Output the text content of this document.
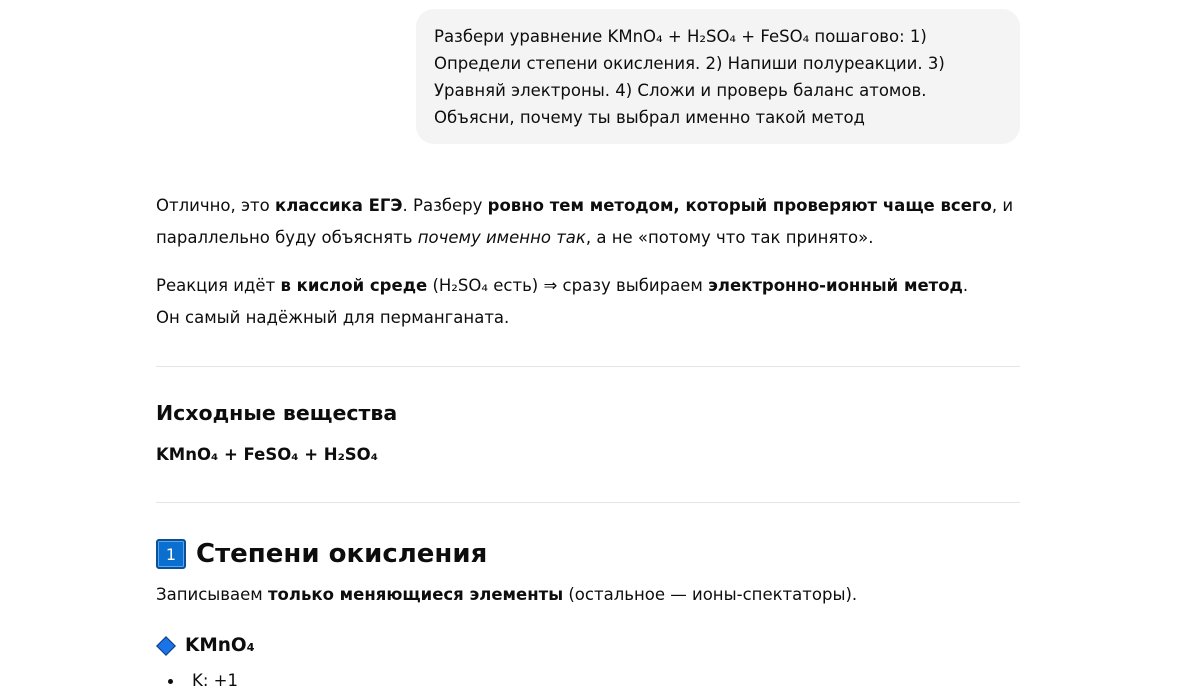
Разбери уравнение KMnO₄ + H₂SO₄ + FeSO₄ пошагово: 1) Определи степени окисления. 2) Напиши полуреакции. 3) Уравняй электроны. 4) Сложи и проверь баланс атомов. Объясни, почему ты выбрал именно такой метод

Отлично, это классика ЕГЭ. Разберу ровно тем методом, который проверяют чаще всего, и параллельно буду объяснять почему именно так, а не «потому что так принято».

Реакция идёт в кислой среде (H₂SO₄ есть) ⇒ сразу выбираем электронно-ионный метод.
Он самый надёжный для перманганата.

Исходные вещества

KMnO₄ + FeSO₄ + H₂SO₄

1 Степени окисления

Записываем только меняющиеся элементы (остальное — ионы-спектаторы).

KMnO₄
K: +1
